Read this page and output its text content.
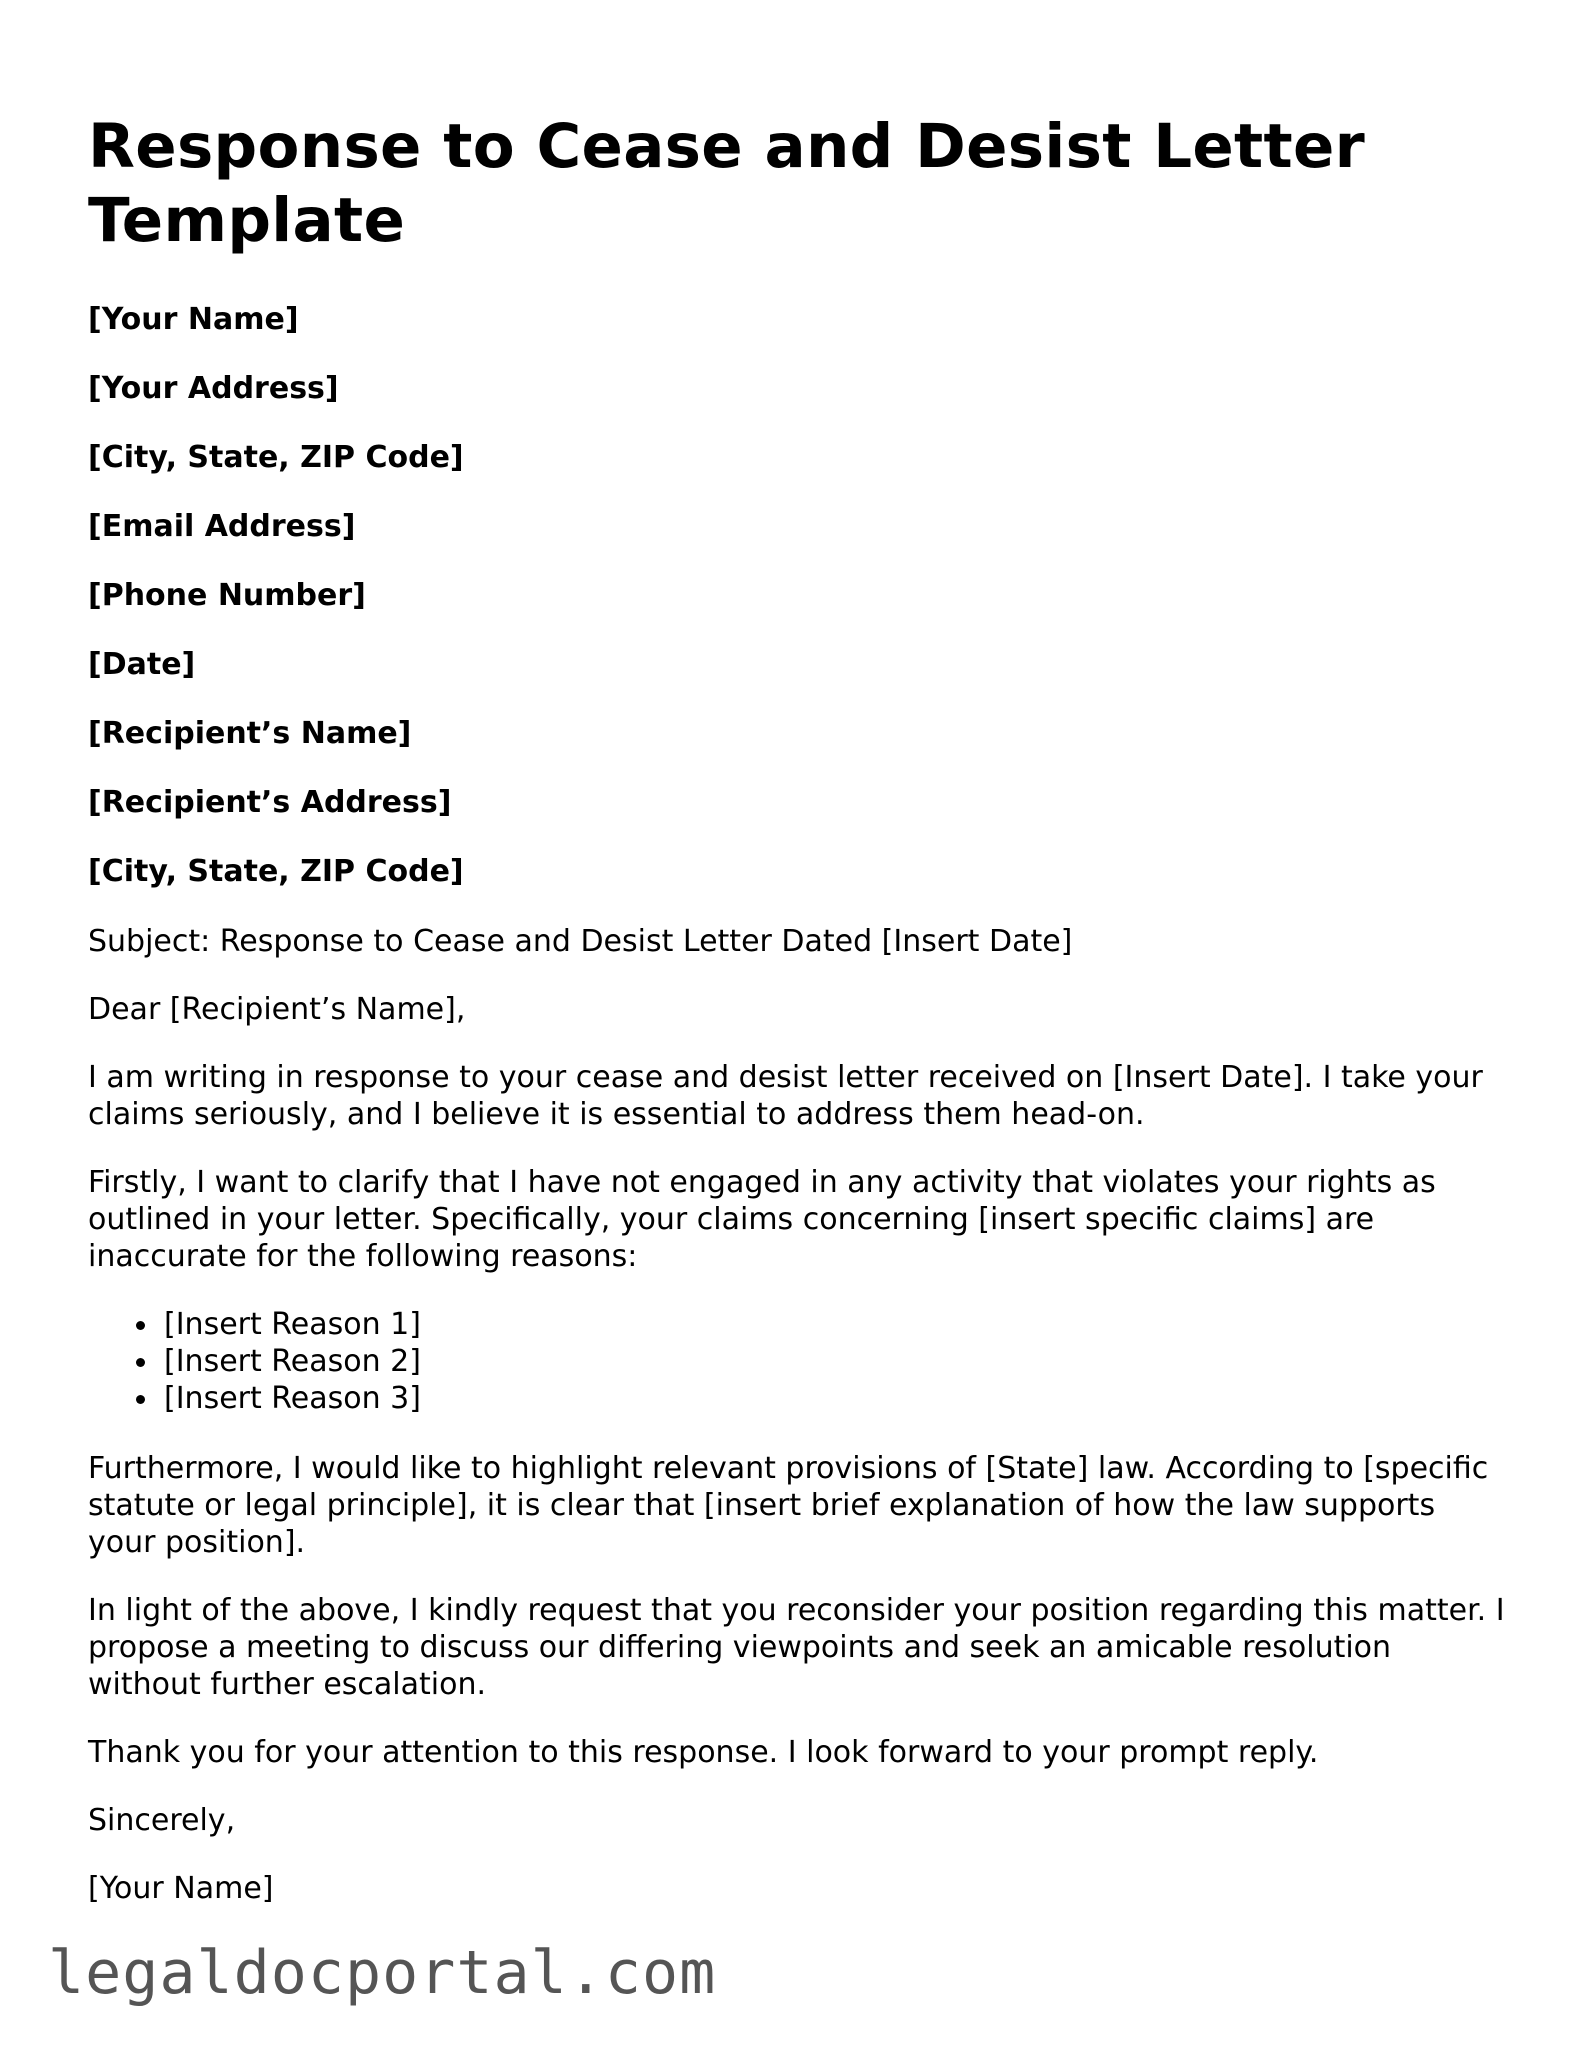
Response to Cease and Desist Letter Template

[Your Name]

[Your Address]

[City, State, ZIP Code]

[Email Address]

[Phone Number]

[Date]

[Recipient’s Name]

[Recipient’s Address]

[City, State, ZIP Code]

Subject: Response to Cease and Desist Letter Dated [Insert Date]

Dear [Recipient’s Name],

I am writing in response to your cease and desist letter received on [Insert Date]. I take your claims seriously, and I believe it is essential to address them head-on.

Firstly, I want to clarify that I have not engaged in any activity that violates your rights as outlined in your letter. Specifically, your claims concerning [insert specific claims] are inaccurate for the following reasons:

[Insert Reason 1]
[Insert Reason 2]
[Insert Reason 3]

Furthermore, I would like to highlight relevant provisions of [State] law. According to [specific statute or legal principle], it is clear that [insert brief explanation of how the law supports your position].

In light of the above, I kindly request that you reconsider your position regarding this matter. I propose a meeting to discuss our differing viewpoints and seek an amicable resolution without further escalation.

Thank you for your attention to this response. I look forward to your prompt reply.

Sincerely,

[Your Name]

legaldocportal.com
